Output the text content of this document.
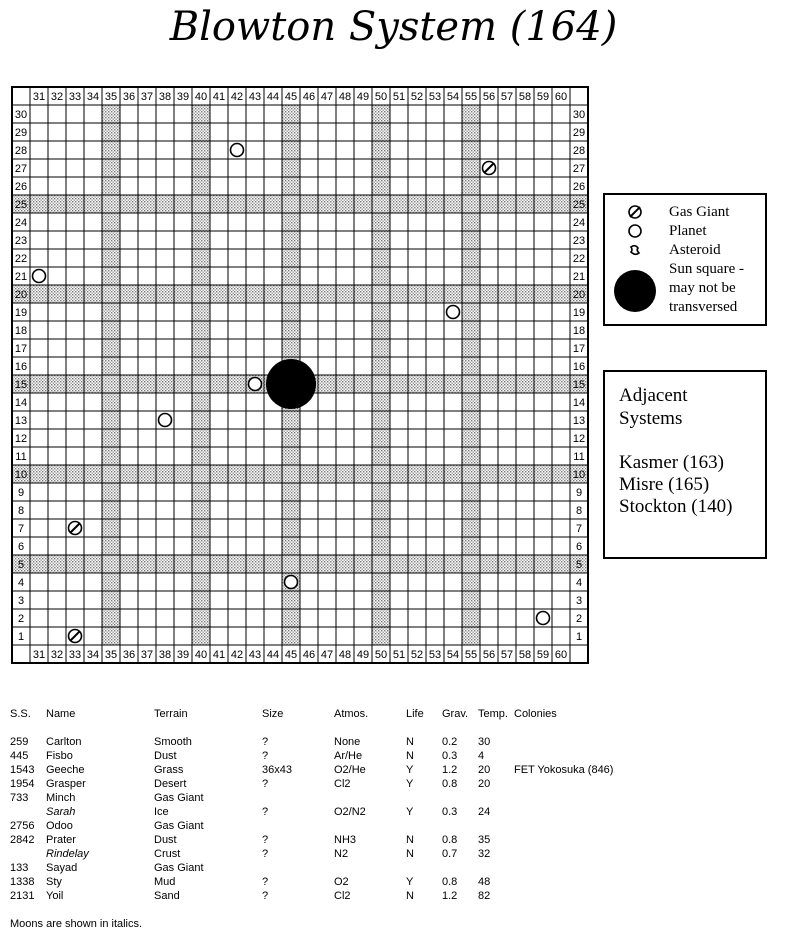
Blowton System (164)
31
31
32
32
33
33
34
34
35
35
36
36
37
37
38
38
39
39
40
40
41
41
42
42
43
43
44
44
45
45
46
46
47
47
48
48
49
49
50
50
51
51
52
52
53
53
54
54
55
55
56
56
57
57
58
58
59
59
60
60
30	30
29	29
28	28
27	27
26	26
25	25
24	24
23	23
22	22
21	21
20	20
19	19
18	18
17	17
16	16
15	15
14	14
13	13
12	12
11	11
10	10
9	9
8	8
7	7
6	6
5	5
4	4
3	3
2	2
1	1
Gas Giant
Planet
Asteroid
Sun square -
may not be
transversed
Adjacent
Systems
Kasmer (163)
Misre (165)
Stockton (140)
S.S. Name	Terrain	Size	Atmos.	Life Grav. Temp. Colonies
259 Carlton	Smooth	?	None	N	0.2 30
445 Fisbo	Dust	?	Ar/He	N	0.3 4
1543 Geeche	Grass	36x43	O2/He	Y	1.2 20 FET Yokosuka (846)
1954 Grasper	Desert	?	Cl2	Y	0.8 20
733 Minch	Gas Giant
Sarah	Ice	?	O2/N2	Y	0.3 24
2756 Odoo	Gas Giant
2842 Prater	Dust	?	NH3	N	0.8 35
Rindelay	Crust	?	N2	N	0.7 32
133 Sayad	Gas Giant
1338 Sty	Mud	?	O2	Y	0.8 48
2131 Yoil	Sand	?	Cl2	N	1.2 82
Moons are shown in italics.
